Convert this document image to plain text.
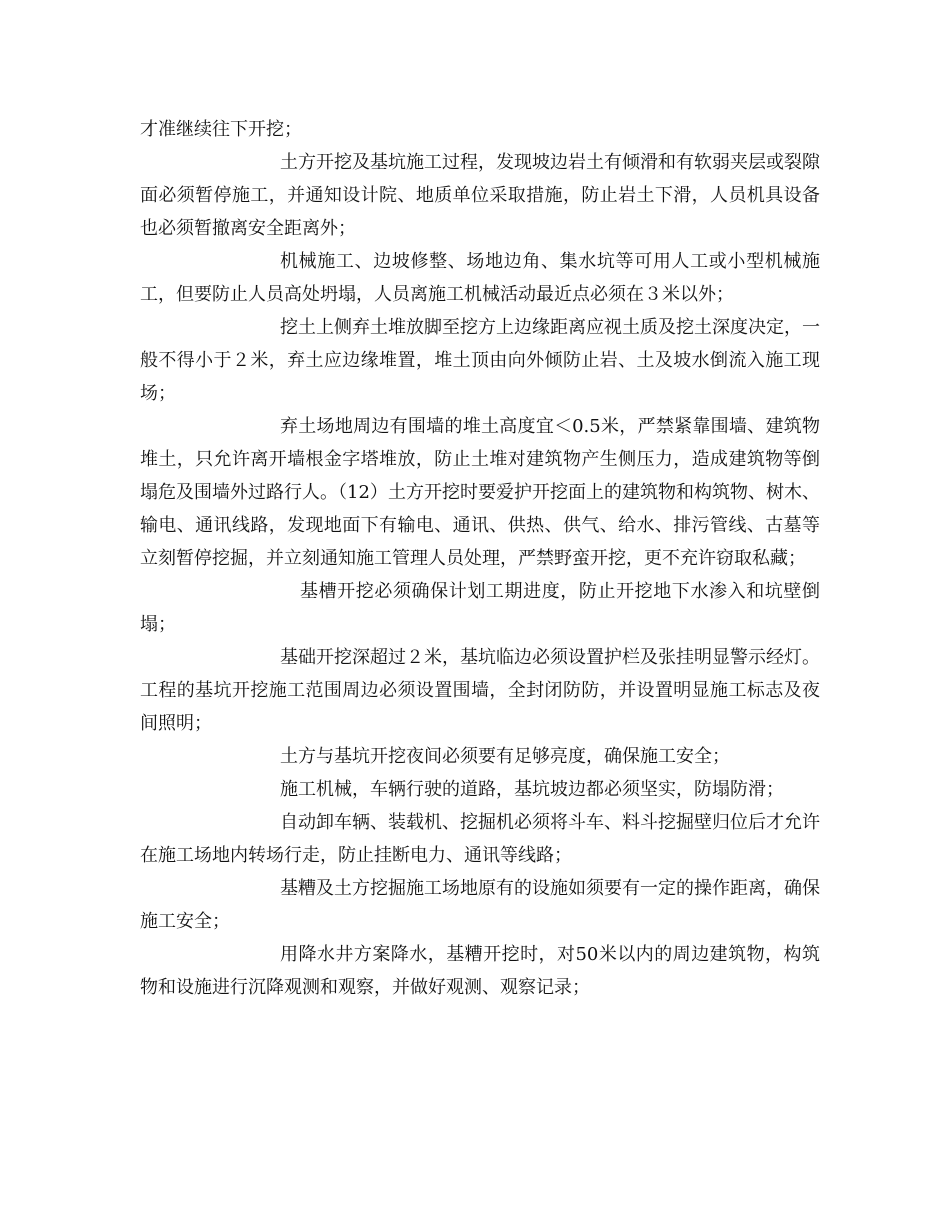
才准继续往下开挖；

土方开挖及基坑施工过程，发现坡边岩土有倾滑和有软弱夹层或裂隙面必须暂停施工，并通知设计院、地质单位采取措施，防止岩土下滑，人员机具设备也必须暂撤离安全距离外；

机械施工、边坡修整、场地边角、集水坑等可用人工或小型机械施工，但要防止人员高处坍塌，人员离施工机械活动最近点必须在３米以外；

挖土上侧弃土堆放脚至挖方上边缘距离应视土质及挖土深度决定，一般不得小于２米，弃土应边缘堆置，堆土顶由向外倾防止岩、土及坡水倒流入施工现场；

弃土场地周边有围墙的堆土高度宜＜0.5米，严禁紧靠围墙、建筑物堆土，只允许离开墙根金字塔堆放，防止土堆对建筑物产生侧压力，造成建筑物等倒塌危及围墙外过路行人。（12）土方开挖时要爱护开挖面上的建筑物和构筑物、树木、输电、通讯线路，发现地面下有输电、通讯、供热、供气、给水、排污管线、古墓等立刻暂停挖掘，并立刻通知施工管理人员处理，严禁野蛮开挖，更不充许窃取私藏；

基槽开挖必须确保计划工期进度，防止开挖地下水渗入和坑壁倒塌；

基础开挖深超过２米，基坑临边必须设置护栏及张挂明显警示经灯。工程的基坑开挖施工范围周边必须设置围墙，全封闭防防，并设置明显施工标志及夜间照明；

土方与基坑开挖夜间必须要有足够亮度，确保施工安全；

施工机械，车辆行驶的道路，基坑坡边都必须坚实，防塌防滑；

自动卸车辆、装载机、挖掘机必须将斗车、料斗挖掘壁归位后才允许在施工场地内转场行走，防止挂断电力、通讯等线路；

基糟及土方挖掘施工场地原有的设施如须要有一定的操作距离，确保施工安全；

用降水井方案降水，基糟开挖时，对50米以内的周边建筑物，构筑物和设施进行沉降观测和观察，并做好观测、观察记录；
